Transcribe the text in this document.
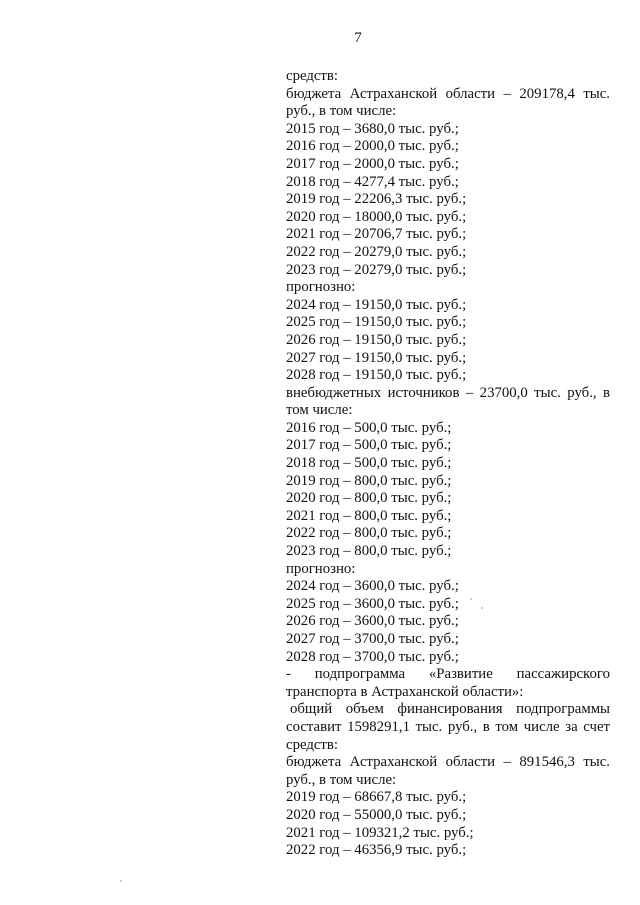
7
средств:
бюджета Астраханской области – 209178,4 тыс.
руб., в том числе:
2015 год – 3680,0 тыс. руб.;
2016 год – 2000,0 тыс. руб.;
2017 год – 2000,0 тыс. руб.;
2018 год – 4277,4 тыс. руб.;
2019 год – 22206,3 тыс. руб.;
2020 год – 18000,0 тыс. руб.;
2021 год – 20706,7 тыс. руб.;
2022 год – 20279,0 тыс. руб.;
2023 год – 20279,0 тыс. руб.;
прогнозно:
2024 год – 19150,0 тыс. руб.;
2025 год – 19150,0 тыс. руб.;
2026 год – 19150,0 тыс. руб.;
2027 год – 19150,0 тыс. руб.;
2028 год – 19150,0 тыс. руб.;
внебюджетных источников – 23700,0 тыс. руб., в
том числе:
2016 год – 500,0 тыс. руб.;
2017 год – 500,0 тыс. руб.;
2018 год – 500,0 тыс. руб.;
2019 год – 800,0 тыс. руб.;
2020 год – 800,0 тыс. руб.;
2021 год – 800,0 тыс. руб.;
2022 год – 800,0 тыс. руб.;
2023 год – 800,0 тыс. руб.;
прогнозно:
2024 год – 3600,0 тыс. руб.;
2025 год – 3600,0 тыс. руб.;
2026 год – 3600,0 тыс. руб.;
2027 год – 3700,0 тыс. руб.;
2028 год – 3700,0 тыс. руб.;
- подпрограмма «Развитие пассажирского
транспорта в Астраханской области»:
общий объем финансирования подпрограммы
составит 1598291,1 тыс. руб., в том числе за счет
средств:
бюджета Астраханской области – 891546,3 тыс.
руб., в том числе:
2019 год – 68667,8 тыс. руб.;
2020 год – 55000,0 тыс. руб.;
2021 год – 109321,2 тыс. руб.;
2022 год – 46356,9 тыс. руб.;
